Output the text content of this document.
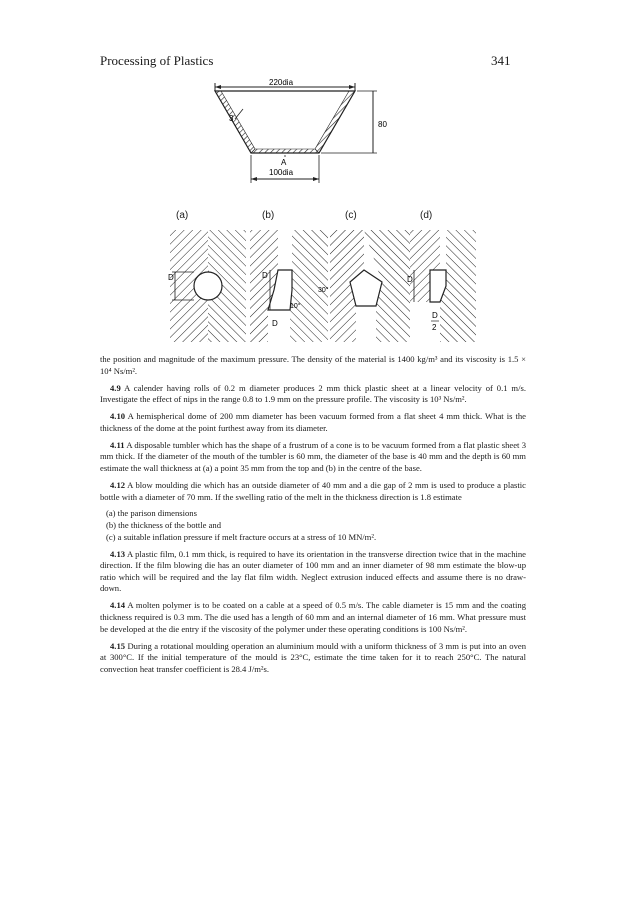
Processing of Plastics	341
220dia
80
3
A
100dia
(a)	(b)	(c)	(d)
D	D
10°
D
30°
D
D
2

the position and magnitude of the maximum pressure. The density of the material is 1400 kg/m³ and its viscosity is 1.5 × 10⁴ Ns/m².

4.9 A calender having rolls of 0.2 m diameter produces 2 mm thick plastic sheet at a linear velocity of 0.1 m/s. Investigate the effect of nips in the range 0.8 to 1.9 mm on the pressure profile. The viscosity is 10³ Ns/m².

4.10 A hemispherical dome of 200 mm diameter has been vacuum formed from a flat sheet 4 mm thick. What is the thickness of the dome at the point furthest away from its diameter.

4.11 A disposable tumbler which has the shape of a frustrum of a cone is to be vacuum formed from a flat plastic sheet 3 mm thick. If the diameter of the mouth of the tumbler is 60 mm, the diameter of the base is 40 mm and the depth is 60 mm estimate the wall thickness at (a) a point 35 mm from the top and (b) in the centre of the base.

4.12 A blow moulding die which has an outside diameter of 40 mm and a die gap of 2 mm is used to produce a plastic bottle with a diameter of 70 mm. If the swelling ratio of the melt in the thickness direction is 1.8 estimate

(a) the parison dimensions
(b) the thickness of the bottle and
(c) a suitable inflation pressure if melt fracture occurs at a stress of 10 MN/m².

4.13 A plastic film, 0.1 mm thick, is required to have its orientation in the transverse direction twice that in the machine direction. If the film blowing die has an outer diameter of 100 mm and an inner diameter of 98 mm estimate the blow-up ratio which will be required and the lay flat film width. Neglect extrusion induced effects and assume there is no draw-down.

4.14 A molten polymer is to be coated on a cable at a speed of 0.5 m/s. The cable diameter is 15 mm and the coating thickness required is 0.3 mm. The die used has a length of 60 mm and an internal diameter of 16 mm. What pressure must be developed at the die entry if the viscosity of the polymer under these operating conditions is 100 Ns/m².

4.15 During a rotational moulding operation an aluminium mould with a uniform thickness of 3 mm is put into an oven at 300°C. If the initial temperature of the mould is 23°C, estimate the time taken for it to reach 250°C. The natural convection heat transfer coefficient is 28.4 J/m²s.
